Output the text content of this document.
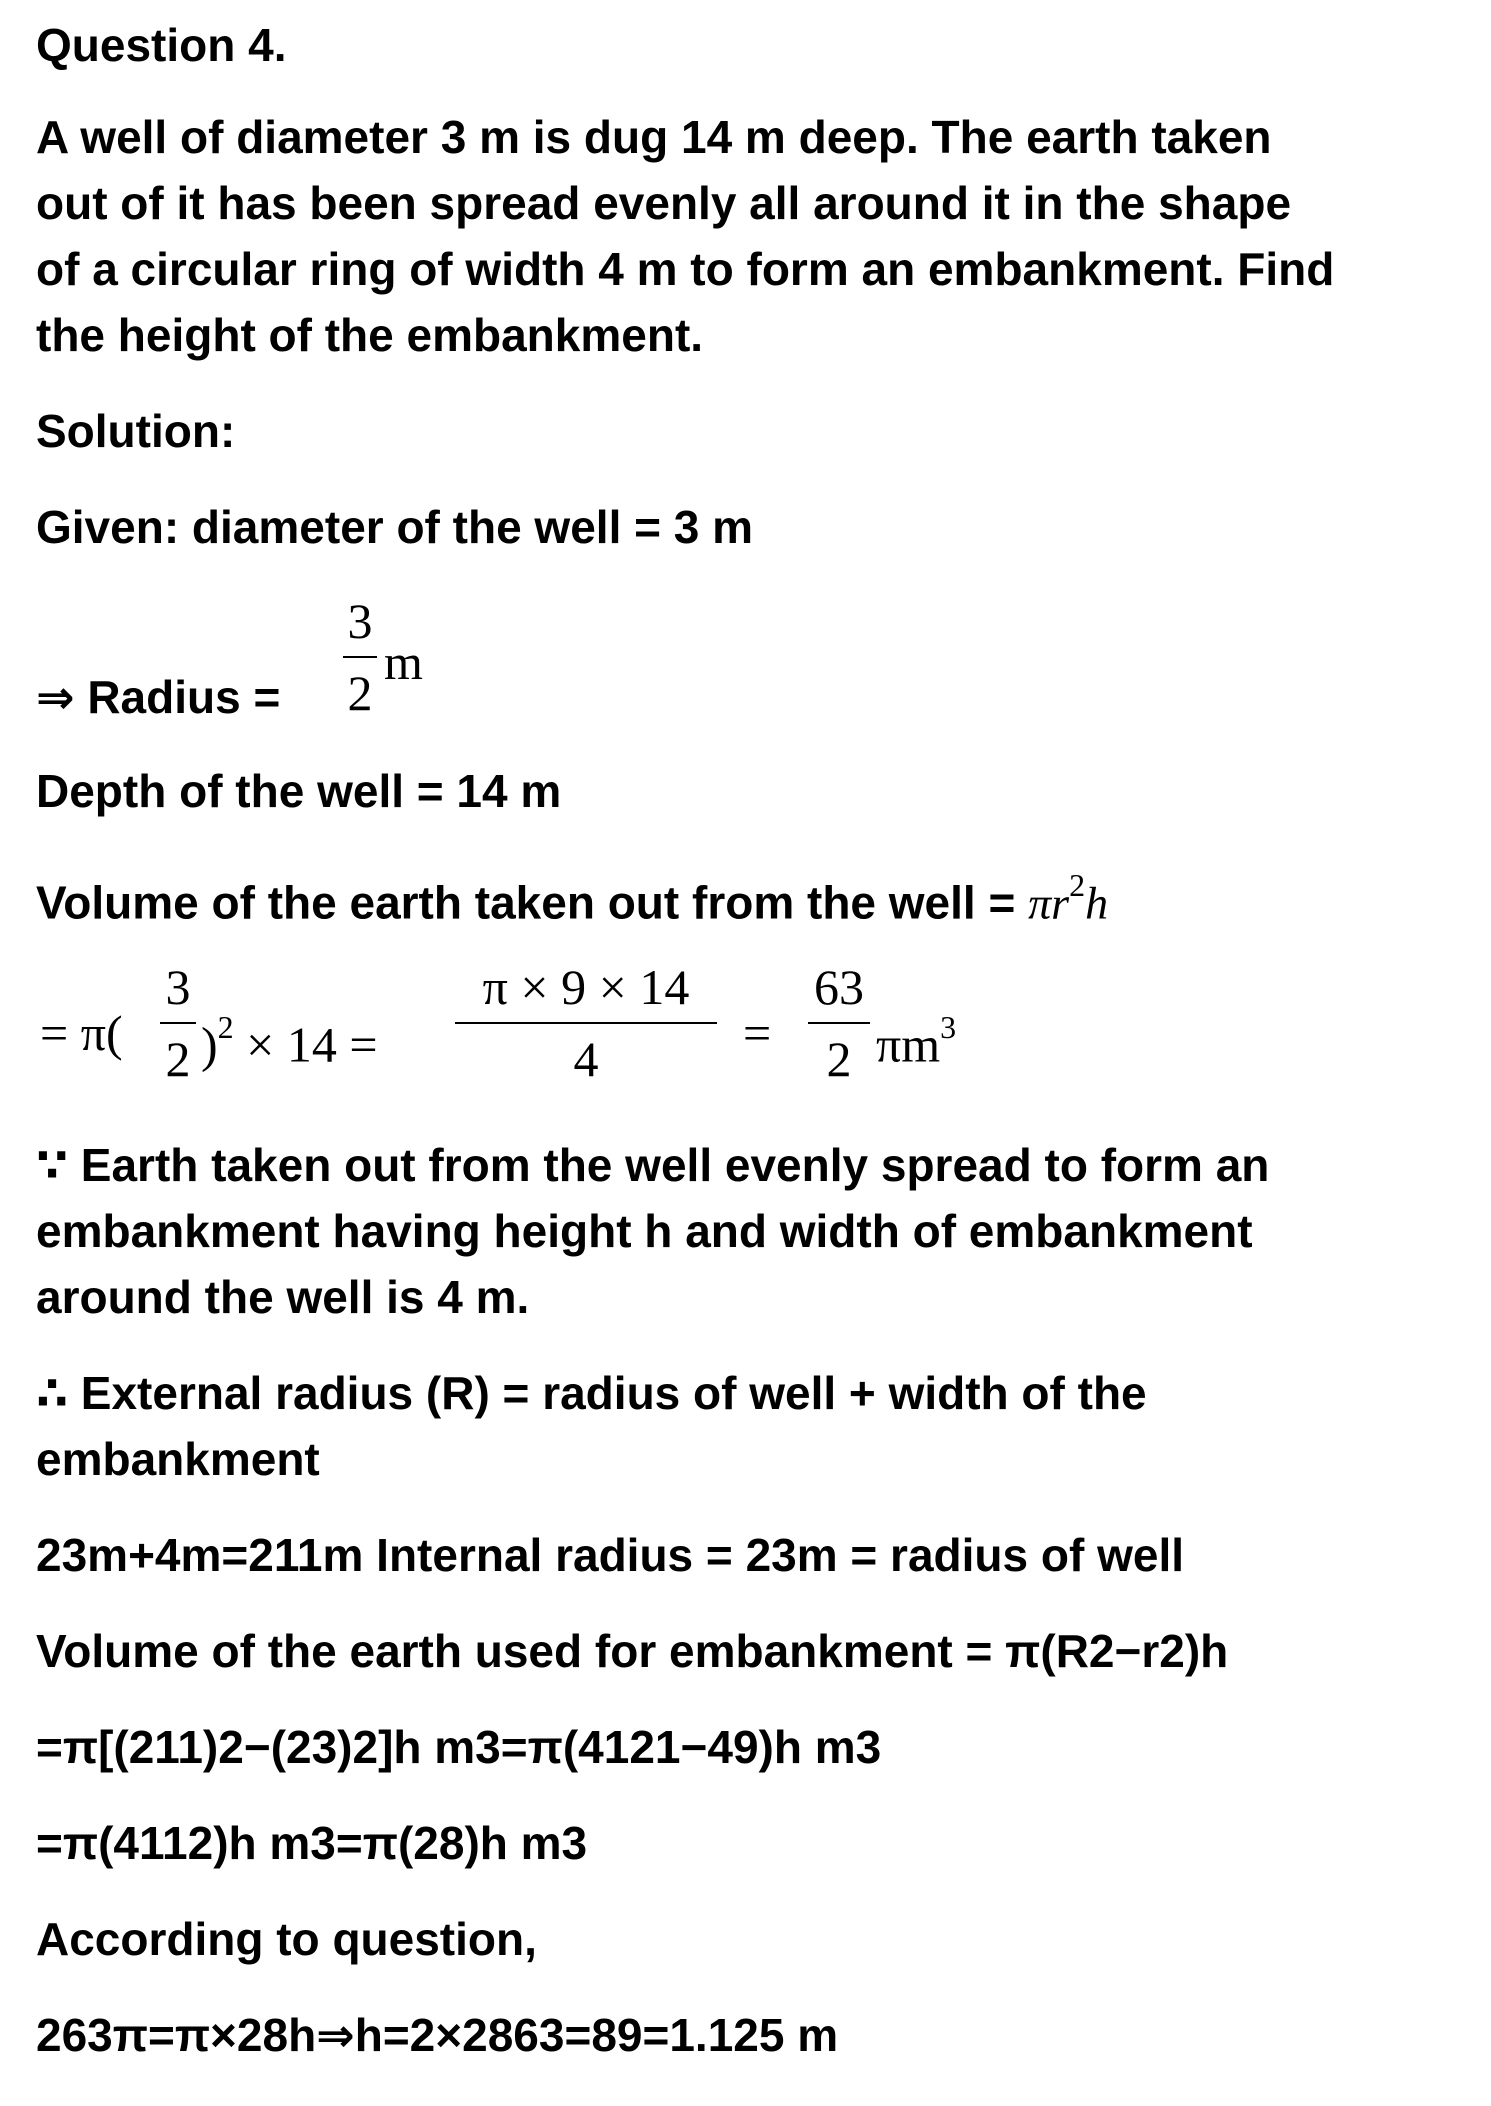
Question 4.
A well of diameter 3 m is dug 14 m deep. The earth taken
out of it has been spread evenly all around it in the shape
of a circular ring of width 4 m to form an embankment. Find
the height of the embankment.
Solution:
Given: diameter of the well = 3 m
⇒ Radius =
3
2
m
Depth of the well = 14 m
Volume of the earth taken out from the well = $\pi r^2h$
= π(
3
2 )$^2$ × 14 =
π × 9 × 14
4	=
63
2 $\pi m^3$
∵ Earth taken out from the well evenly spread to form an
embankment having height h and width of embankment
around the well is 4 m.
∴ External radius (R) = radius of well + width of the
embankment
23m+4m=211m Internal radius = 23m = radius of well
Volume of the earth used for embankment = π(R2−r2)h
=π[(211)2−(23)2]h m3=π(4121−49)h m3
=π(4112)h m3=π(28)h m3
According to question,
263π=π×28h⇒h=2×2863=89=1.125 m
